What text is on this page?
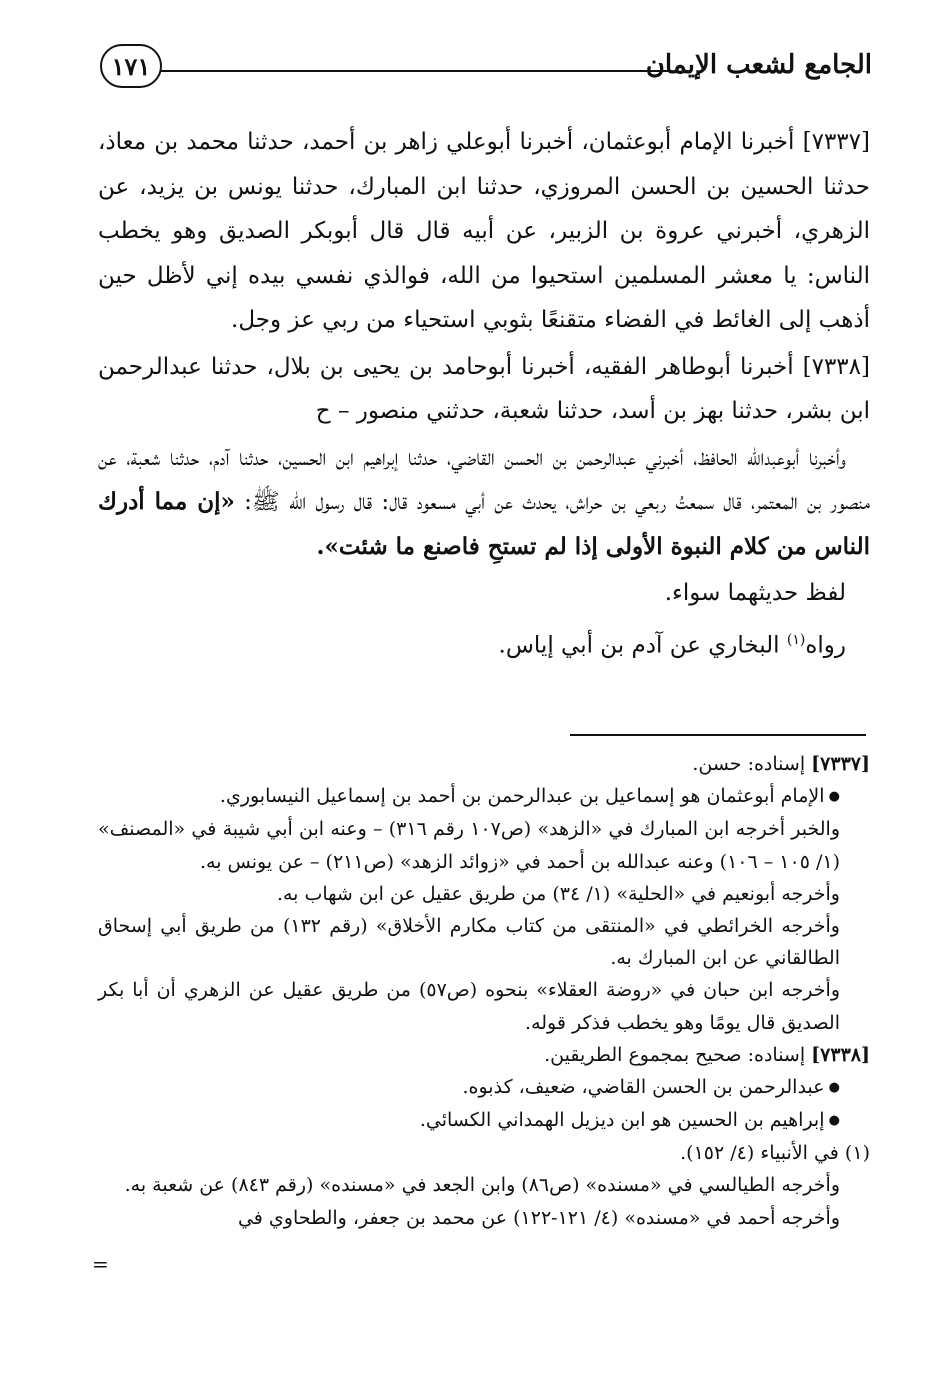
١٧١	الجامع لشعب الإيمان

[٧٣٣٧] أخبرنا الإمام أبوعثمان، أخبرنا أبوعلي زاهر بن أحمد، حدثنا محمد بن معاذ، حدثنا الحسين بن الحسن المروزي، حدثنا ابن المبارك، حدثنا يونس بن يزيد، عن الزهري، أخبرني عروة بن الزبير، عن أبيه قال قال أبوبكر الصديق وهو يخطب الناس: يا معشر المسلمين استحيوا من الله، فوالذي نفسي بيده إني لأظل حين أذهب إلى الغائط في الفضاء متقنعًا بثوبي استحياء من ربي عز وجل.

[٧٣٣٨] أخبرنا أبوطاهر الفقيه، أخبرنا أبوحامد بن يحيى بن بلال، حدثنا عبدالرحمن ابن بشر، حدثنا بهز بن أسد، حدثنا شعبة، حدثني منصور – ح

وأخبرنا أبوعبدالله الحافظ، أخبرني عبدالرحمن بن الحسن القاضي، حدثنا إبراهيم ابن الحسين، حدثنا آدم، حدثنا شعبة، عن منصور بن المعتمر، قال سمعتُ ربعي بن حراش، يحدث عن أبي مسعود قال: قال رسول الله ﷺ: «إن مما أدرك الناس من كلام النبوة الأولى إذا لم تستحِ فاصنع ما شئت».

لفظ حديثهما سواء.

رواه$^{(١)}$ البخاري عن آدم بن أبي إياس.

[٧٣٣٧] إسناده: حسن.

● الإمام أبوعثمان هو إسماعيل بن عبدالرحمن بن أحمد بن إسماعيل النيسابوري.

والخبر أخرجه ابن المبارك في «الزهد» (ص١٠٧ رقم ٣١٦) – وعنه ابن أبي شيبة في «المصنف» (١/ ١٠٥ – ١٠٦) وعنه عبدالله بن أحمد في «زوائد الزهد» (ص٢١١) – عن يونس به.

وأخرجه أبونعيم في «الحلية» (١/ ٣٤) من طريق عقيل عن ابن شهاب به.

وأخرجه الخرائطي في «المنتقى من كتاب مكارم الأخلاق» (رقم ١٣٢) من طريق أبي إسحاق الطالقاني عن ابن المبارك به.

وأخرجه ابن حبان في «روضة العقلاء» بنحوه (ص٥٧) من طريق عقيل عن الزهري أن أبا بكر الصديق قال يومًا وهو يخطب فذكر قوله.

[٧٣٣٨] إسناده: صحيح بمجموع الطريقين.

● عبدالرحمن بن الحسن القاضي، ضعيف، كذبوه.

● إبراهيم بن الحسين هو ابن ديزيل الهمداني الكسائي.

(١) في الأنبياء (٤/ ١٥٢).

وأخرجه الطيالسي في «مسنده» (ص٨٦) وابن الجعد في «مسنده» (رقم ٨٤٣) عن شعبة به.

وأخرجه أحمد في «مسنده» (٤/ ١٢١-١٢٢) عن محمد بن جعفر، والطحاوي في

=
